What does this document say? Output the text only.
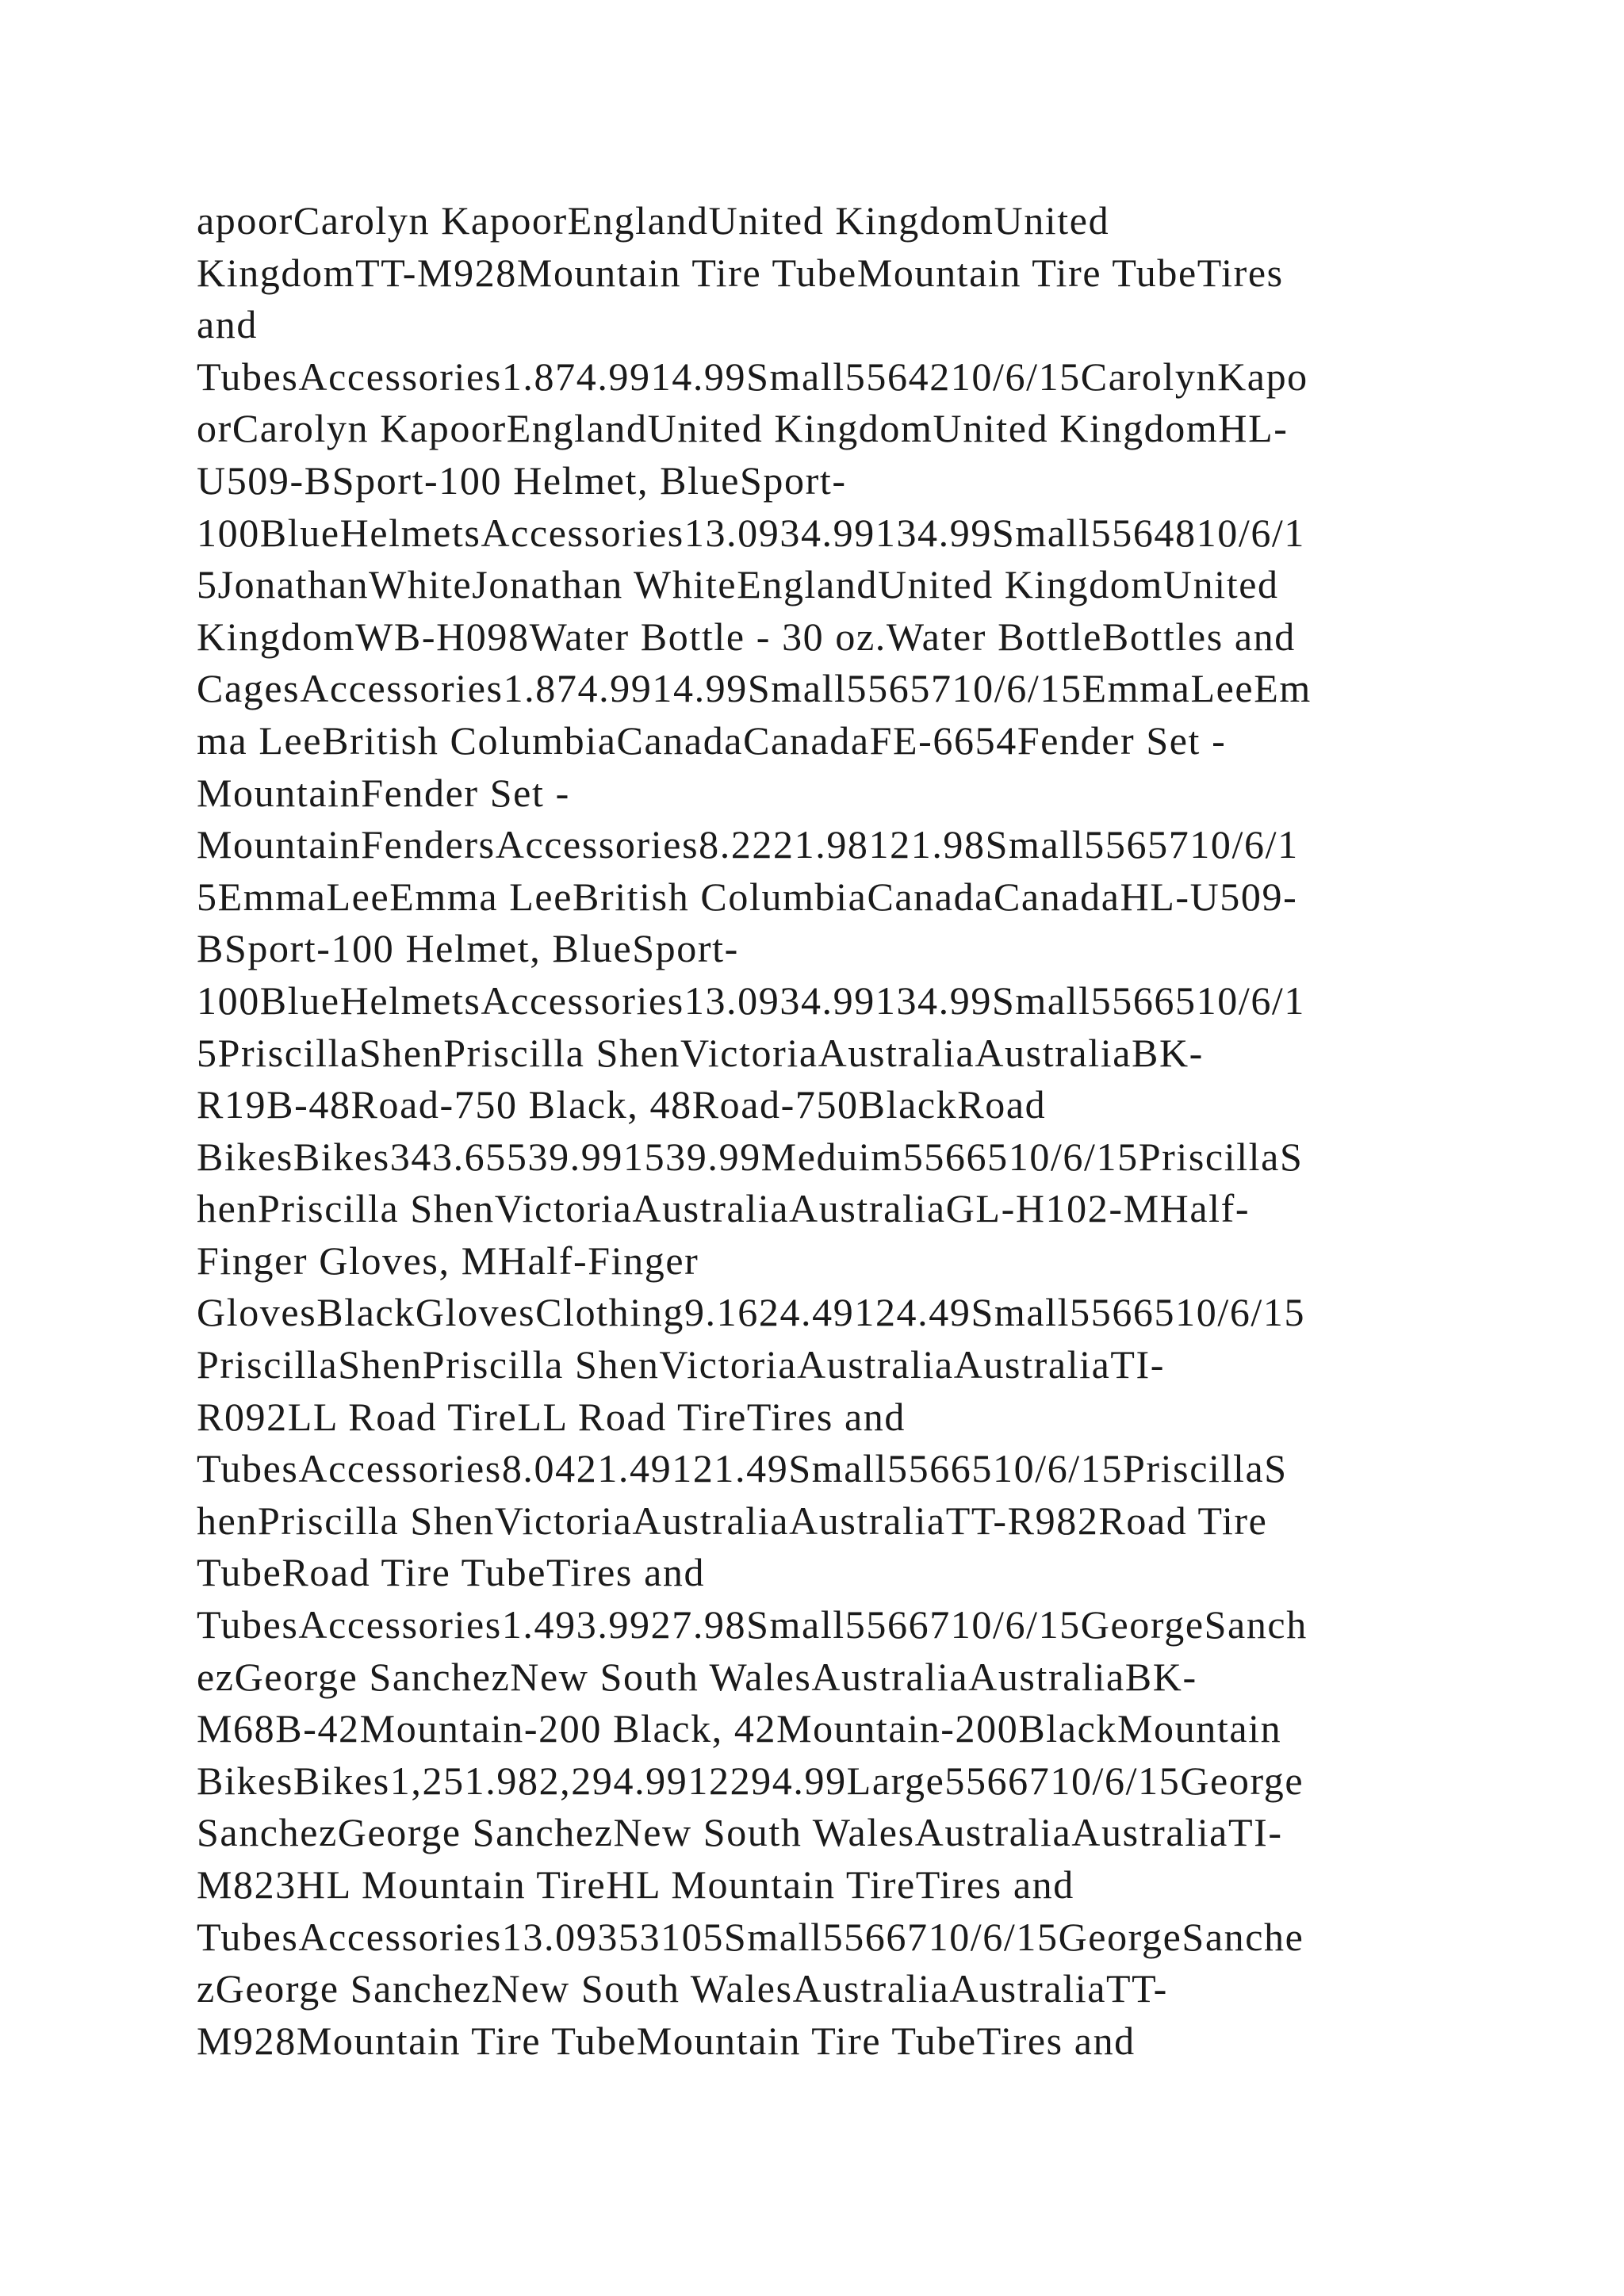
apoorCarolyn KapoorEnglandUnited KingdomUnited
KingdomTT-M928Mountain Tire TubeMountain Tire TubeTires
and
TubesAccessories1.874.9914.99Small5564210/6/15CarolynKapo
orCarolyn KapoorEnglandUnited KingdomUnited KingdomHL-
U509-BSport-100 Helmet, BlueSport-
100BlueHelmetsAccessories13.0934.99134.99Small5564810/6/1
5JonathanWhiteJonathan WhiteEnglandUnited KingdomUnited
KingdomWB-H098Water Bottle - 30 oz.Water BottleBottles and
CagesAccessories1.874.9914.99Small5565710/6/15EmmaLeeEm
ma LeeBritish ColumbiaCanadaCanadaFE-6654Fender Set -
MountainFender Set -
MountainFendersAccessories8.2221.98121.98Small5565710/6/1
5EmmaLeeEmma LeeBritish ColumbiaCanadaCanadaHL-U509-
BSport-100 Helmet, BlueSport-
100BlueHelmetsAccessories13.0934.99134.99Small5566510/6/1
5PriscillaShenPriscilla ShenVictoriaAustraliaAustraliaBK-
R19B-48Road-750 Black, 48Road-750BlackRoad
BikesBikes343.65539.991539.99Meduim5566510/6/15PriscillaS
henPriscilla ShenVictoriaAustraliaAustraliaGL-H102-MHalf-
Finger Gloves, MHalf-Finger
GlovesBlackGlovesClothing9.1624.49124.49Small5566510/6/15
PriscillaShenPriscilla ShenVictoriaAustraliaAustraliaTI-
R092LL Road TireLL Road TireTires and
TubesAccessories8.0421.49121.49Small5566510/6/15PriscillaS
henPriscilla ShenVictoriaAustraliaAustraliaTT-R982Road Tire
TubeRoad Tire TubeTires and
TubesAccessories1.493.9927.98Small5566710/6/15GeorgeSanch
ezGeorge SanchezNew South WalesAustraliaAustraliaBK-
M68B-42Mountain-200 Black, 42Mountain-200BlackMountain
BikesBikes1,251.982,294.9912294.99Large5566710/6/15George
SanchezGeorge SanchezNew South WalesAustraliaAustraliaTI-
M823HL Mountain TireHL Mountain TireTires and
TubesAccessories13.09353105Small5566710/6/15GeorgeSanche
zGeorge SanchezNew South WalesAustraliaAustraliaTT-
M928Mountain Tire TubeMountain Tire TubeTires and
